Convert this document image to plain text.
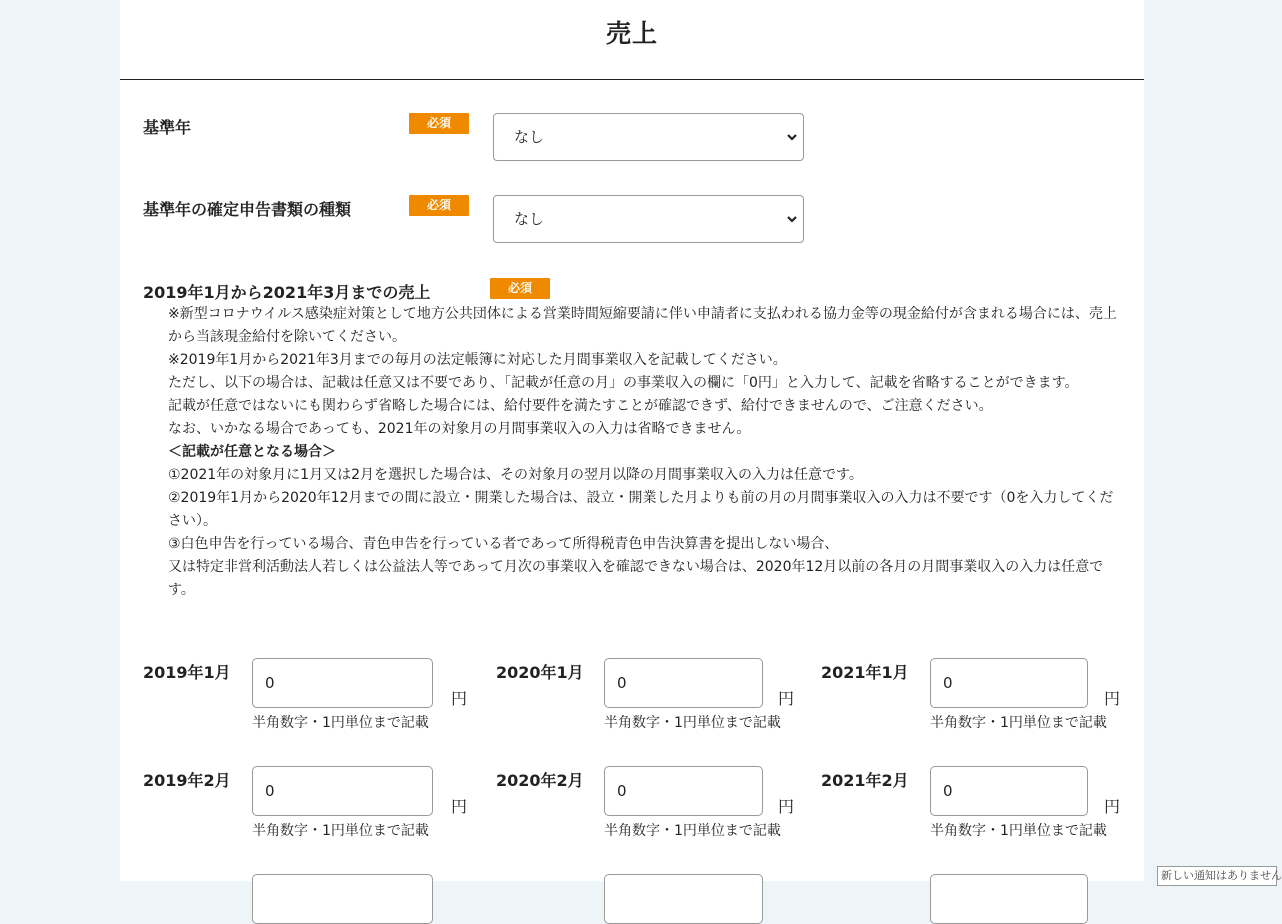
売上
基準年	必須
なし
基準年の確定申告書類の種類	必須
なし
2019年1月から2021年3月までの売上	必須
※新型コロナウイルス感染症対策として地方公共団体による営業時間短縮要請に伴い申請者に支払われる協力金等の現金給付が含まれる場合には、売上から当該現金給付を除いてください。
※2019年1月から2021年3月までの毎月の法定帳簿に対応した月間事業収入を記載してください。
ただし、以下の場合は、記載は任意又は不要であり、「記載が任意の月」の事業収入の欄に「0円」と入力して、記載を省略することができます。
記載が任意ではないにも関わらず省略した場合には、給付要件を満たすことが確認できず、給付できませんので、ご注意ください。
なお、いかなる場合であっても、2021年の対象月の月間事業収入の入力は省略できません。
＜記載が任意となる場合＞
①2021年の対象月に1月又は2月を選択した場合は、その対象月の翌月以降の月間事業収入の入力は任意です。
②2019年1月から2020年12月までの間に設立・開業した場合は、設立・開業した月よりも前の月の月間事業収入の入力は不要です（0を入力してください）。
③白色申告を行っている場合、青色申告を行っている者であって所得税青色申告決算書を提出しない場合、
又は特定非営利活動法人若しくは公益法人等であって月次の事業収入を確認できない場合は、2020年12月以前の各月の月間事業収入の入力は任意です。
2019年1月
0
円
半角数字・1円単位まで記載
2020年1月
0
円
半角数字・1円単位まで記載
2021年1月
0
円
半角数字・1円単位まで記載
2019年2月
0
円
半角数字・1円単位まで記載
2020年2月
0
円
半角数字・1円単位まで記載
2021年2月
0
円
半角数字・1円単位まで記載
新しい通知はありません
